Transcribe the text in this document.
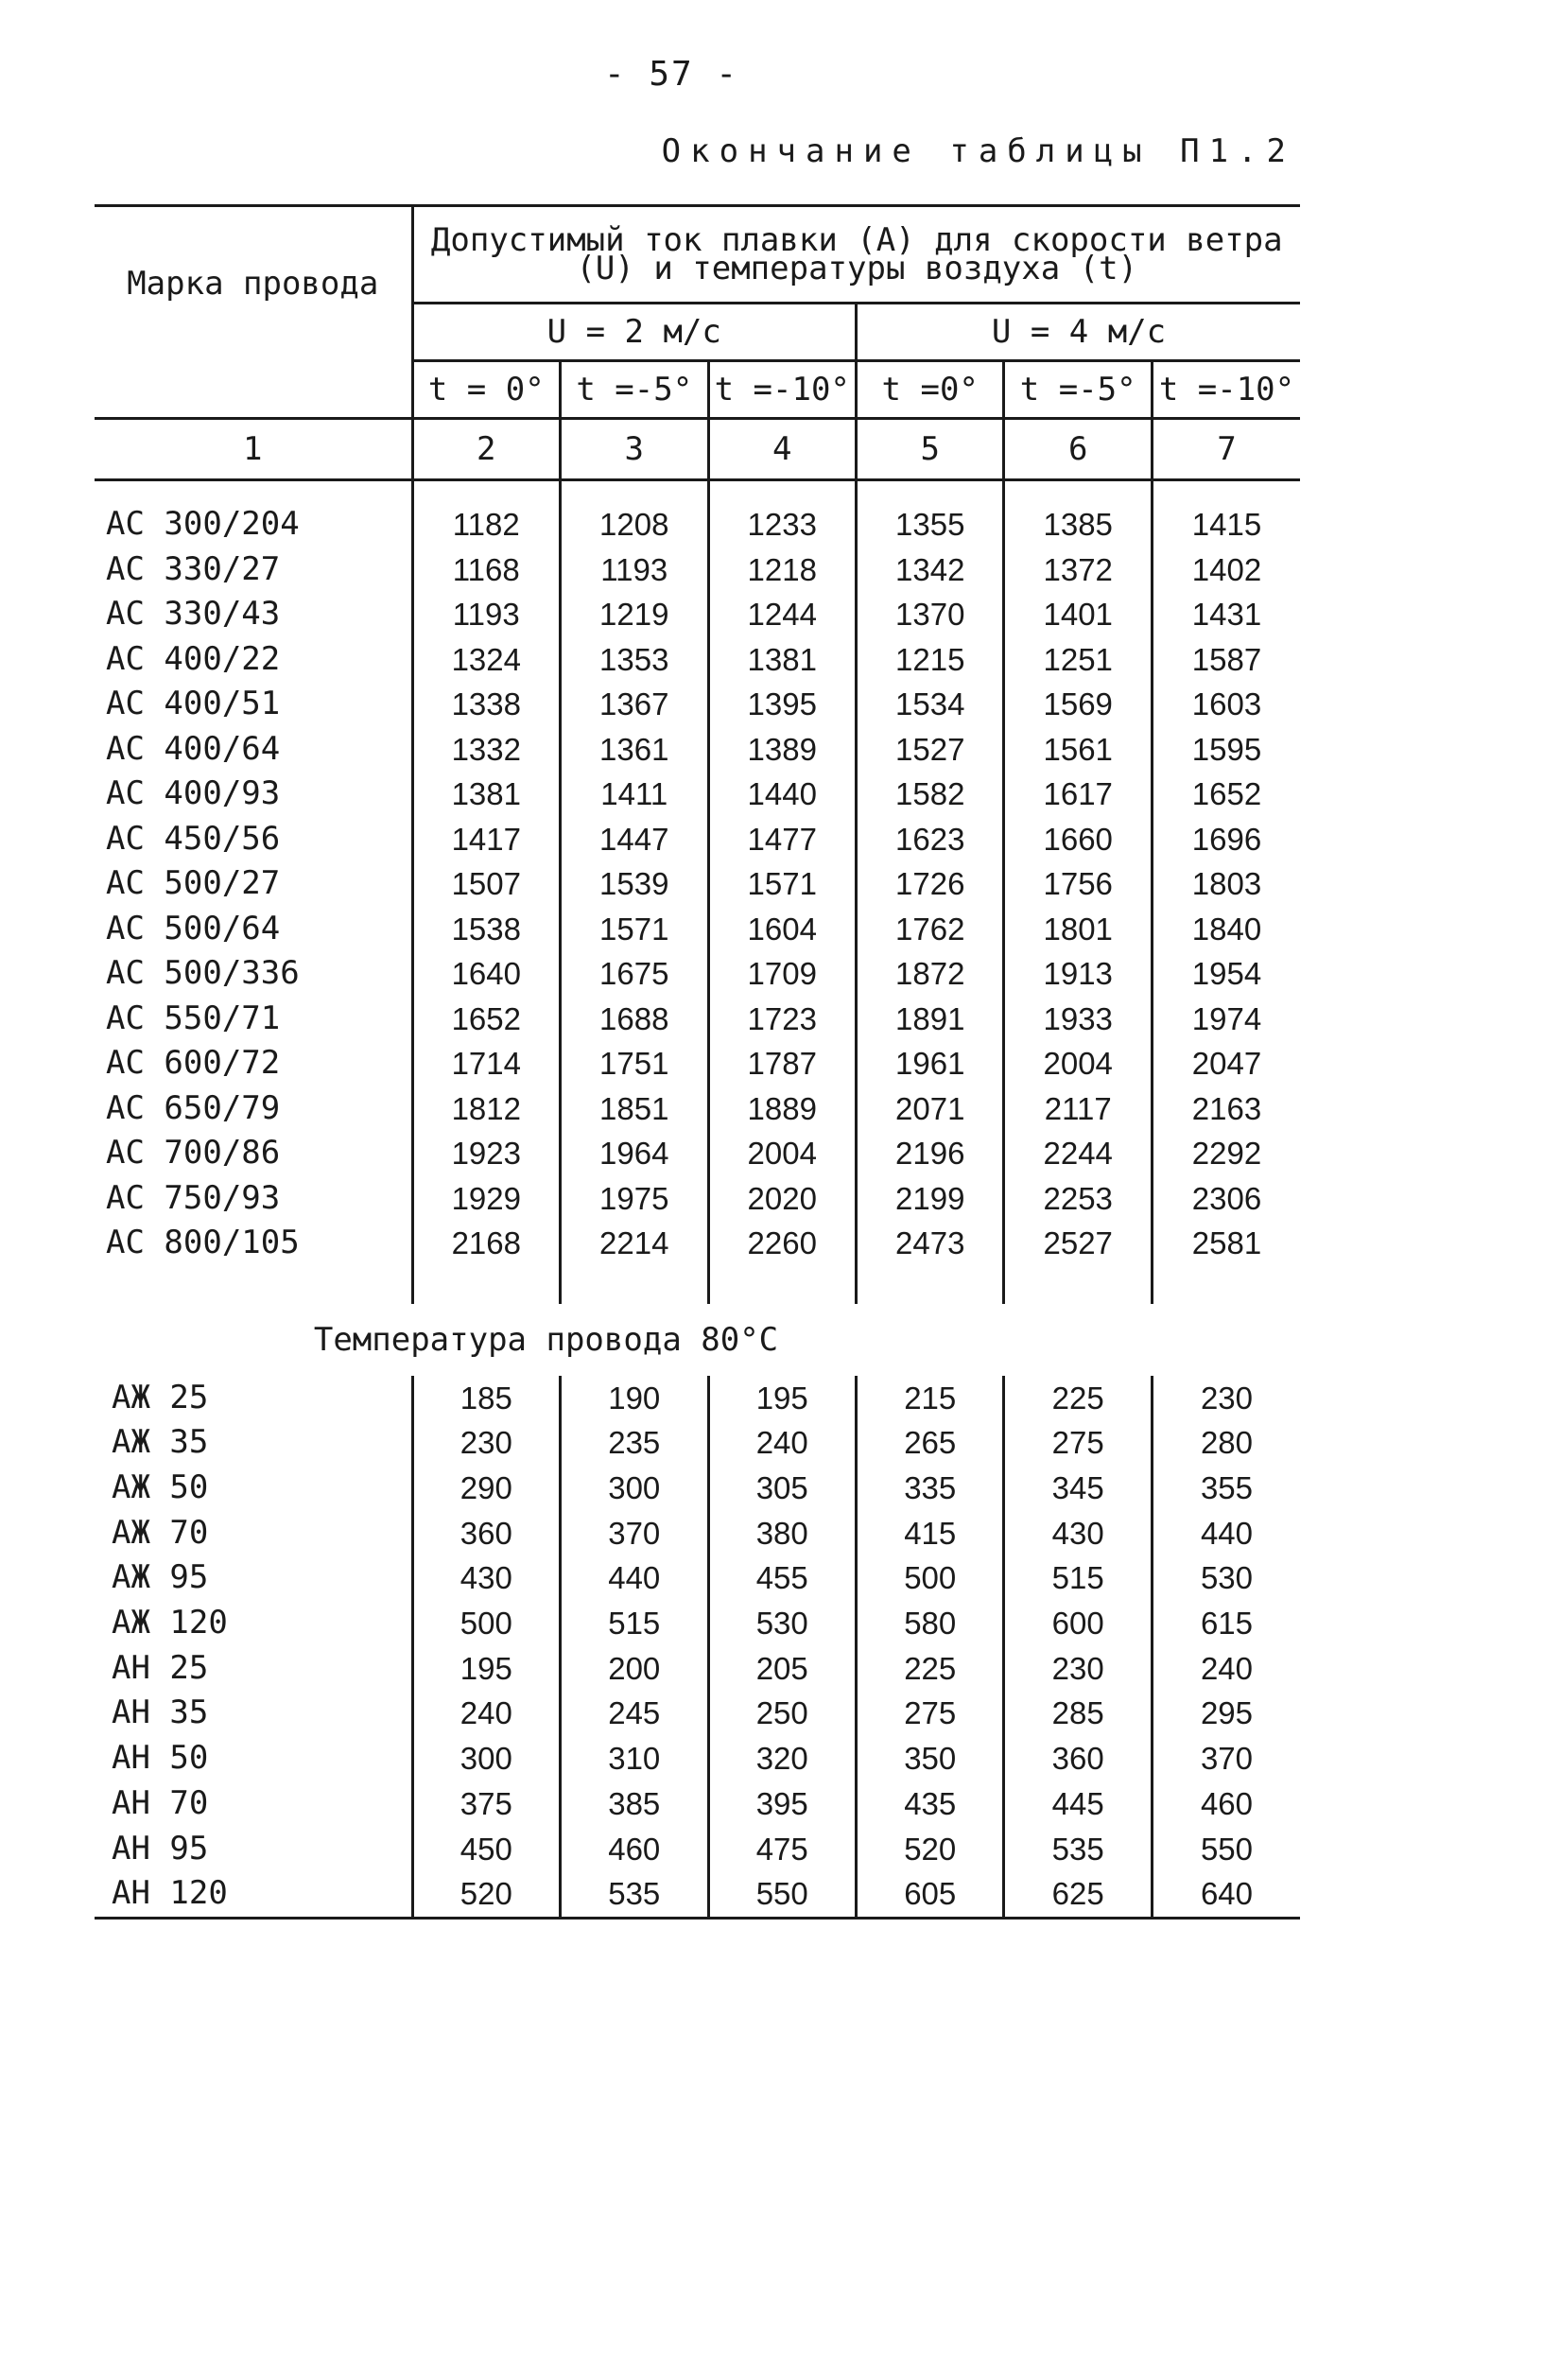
- 57 -
Окончание таблицы П1.2
Марка провода	Допустимый ток плавки (А) для скорости ветра (U) и температуры воздуха (t)					
	U = 2 м/с			U = 4 м/с		
	t = 0°	t =-5°	t =-10°	t =0°	t =-5°	t =-10°
1	2	3	4	5	6	7

АС 300/204	1182	1208	1233	1355	1385	1415
АС 330/27	1168	1193	1218	1342	1372	1402
АС 330/43	1193	1219	1244	1370	1401	1431
АС 400/22	1324	1353	1381	1215	1251	1587
АС 400/51	1338	1367	1395	1534	1569	1603
АС 400/64	1332	1361	1389	1527	1561	1595
АС 400/93	1381	1411	1440	1582	1617	1652
АС 450/56	1417	1447	1477	1623	1660	1696
АС 500/27	1507	1539	1571	1726	1756	1803
АС 500/64	1538	1571	1604	1762	1801	1840
АС 500/336	1640	1675	1709	1872	1913	1954
АС 550/71	1652	1688	1723	1891	1933	1974
АС 600/72	1714	1751	1787	1961	2004	2047
АС 650/79	1812	1851	1889	2071	2117	2163
АС 700/86	1923	1964	2004	2196	2244	2292
АС 750/93	1929	1975	2020	2199	2253	2306
АС 800/105	2168	2214	2260	2473	2527	2581

Температура провода 80°С						
АЖ 25	185	190	195	215	225	230
АЖ 35	230	235	240	265	275	280
АЖ 50	290	300	305	335	345	355
АЖ 70	360	370	380	415	430	440
АЖ 95	430	440	455	500	515	530
АЖ 120	500	515	530	580	600	615
АН 25	195	200	205	225	230	240
АН 35	240	245	250	275	285	295
АН 50	300	310	320	350	360	370
АН 70	375	385	395	435	445	460
АН 95	450	460	475	520	535	550
АН 120	520	535	550	605	625	640
